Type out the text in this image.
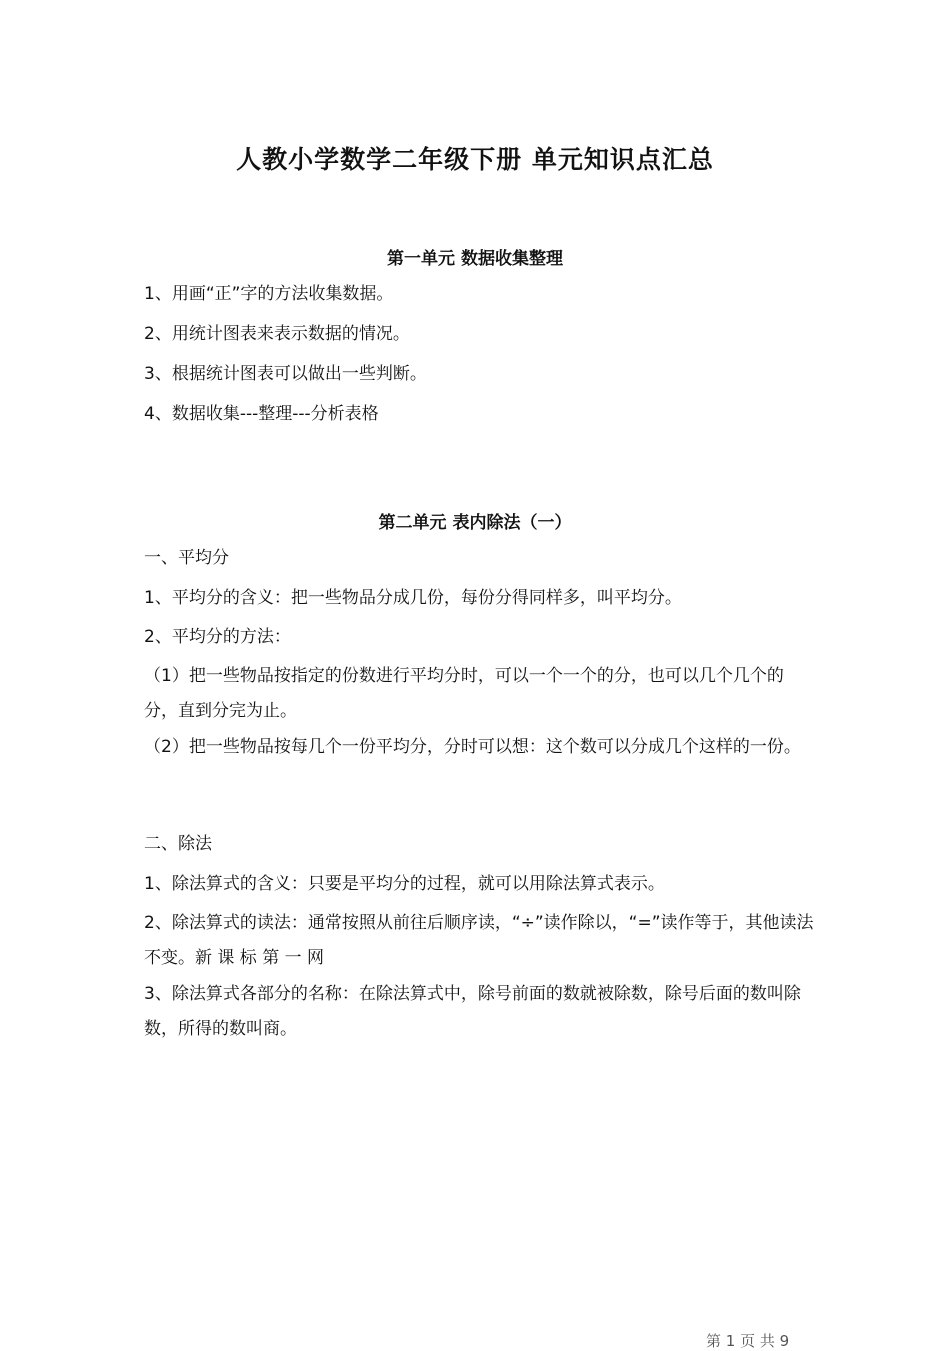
人教小学数学二年级下册 单元知识点汇总
第一单元 数据收集整理

1、用画“正”字的方法收集数据。

2、用统计图表来表示数据的情况。

3、根据统计图表可以做出一些判断。

4、数据收集---整理---分析表格

第二单元 表内除法（一）

一、平均分

1、平均分的含义：把一些物品分成几份，每份分得同样多，叫平均分。

2、平均分的方法：

（1）把一些物品按指定的份数进行平均分时，可以一个一个的分，也可以几个几个的分，直到分完为止。

（2）把一些物品按每几个一份平均分，分时可以想：这个数可以分成几个这样的一份。

二、除法

1、除法算式的含义：只要是平均分的过程，就可以用除法算式表示。

2、除法算式的读法：通常按照从前往后顺序读，“÷”读作除以，“=”读作等于，其他读法不变。新 课 标 第 一 网

3、除法算式各部分的名称：在除法算式中，除号前面的数就被除数，除号后面的数叫除数，所得的数叫商。

第 1 页 共 9
